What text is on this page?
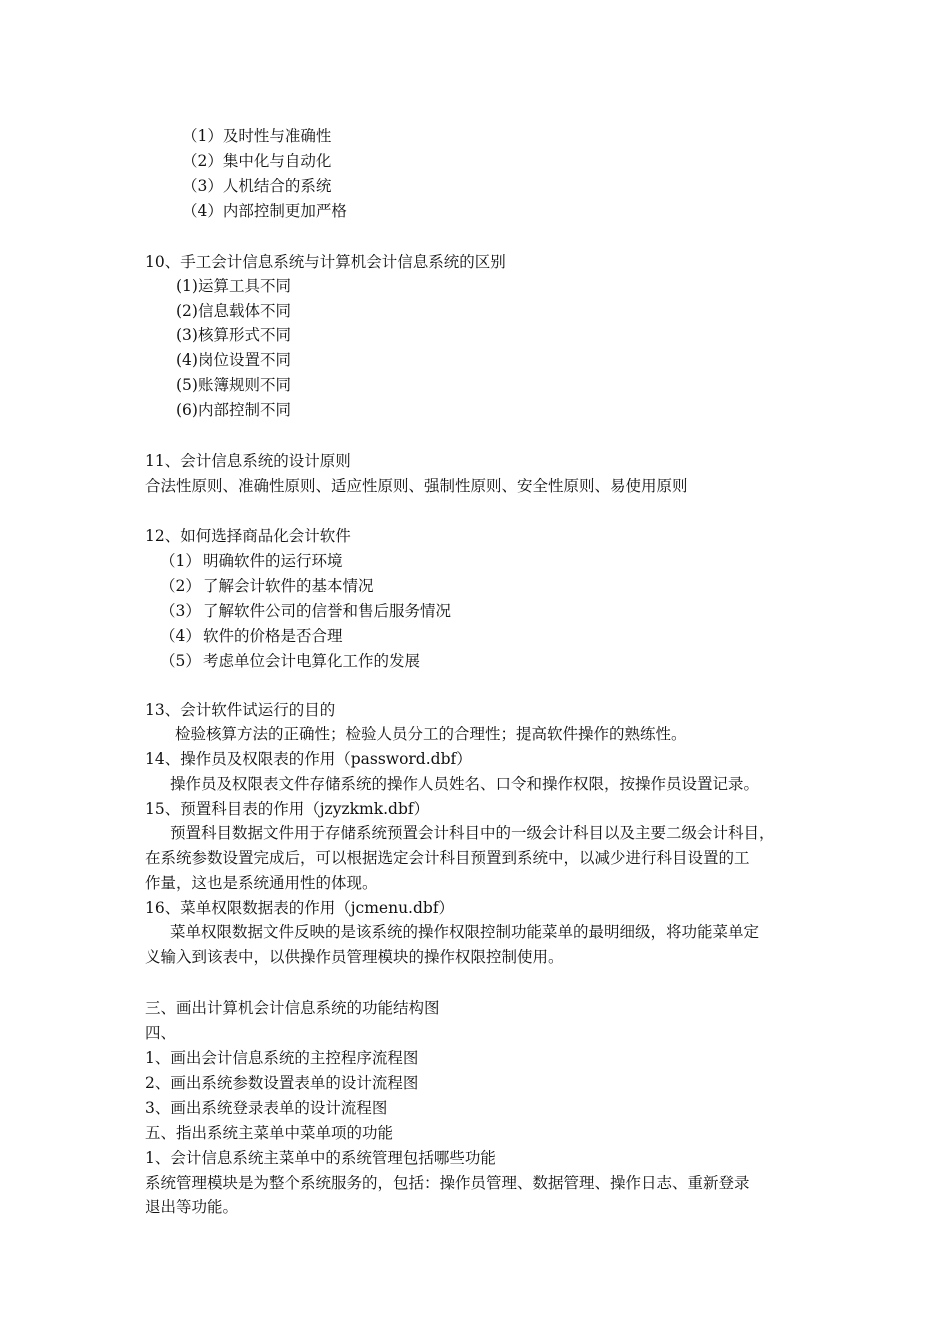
（1）及时性与准确性
（2）集中化与自动化
（3）人机结合的系统
（4）内部控制更加严格
10、手工会计信息系统与计算机会计信息系统的区别
(1)运算工具不同
(2)信息载体不同
(3)核算形式不同
(4)岗位设置不同
(5)账簿规则不同
(6)内部控制不同
11、会计信息系统的设计原则
合法性原则、准确性原则、适应性原则、强制性原则、安全性原则、易使用原则
12、如何选择商品化会计软件
（1） 明确软件的运行环境
（2） 了解会计软件的基本情况
（3） 了解软件公司的信誉和售后服务情况
（4） 软件的价格是否合理
（5） 考虑单位会计电算化工作的发展
13、会计软件试运行的目的
检验核算方法的正确性；检验人员分工的合理性；提高软件操作的熟练性。
14、操作员及权限表的作用（password.dbf）
操作员及权限表文件存储系统的操作人员姓名、口令和操作权限，按操作员设置记录。
15、预置科目表的作用（jzyzkmk.dbf）
预置科目数据文件用于存储系统预置会计科目中的一级会计科目以及主要二级会计科目，
在系统参数设置完成后，可以根据选定会计科目预置到系统中，以减少进行科目设置的工
作量，这也是系统通用性的体现。
16、菜单权限数据表的作用（jcmenu.dbf）
菜单权限数据文件反映的是该系统的操作权限控制功能菜单的最明细级，将功能菜单定
义输入到该表中，以供操作员管理模块的操作权限控制使用。
三、画出计算机会计信息系统的功能结构图
四、
1、画出会计信息系统的主控程序流程图
2、画出系统参数设置表单的设计流程图
3、画出系统登录表单的设计流程图
五、指出系统主菜单中菜单项的功能
1、会计信息系统主菜单中的系统管理包括哪些功能
系统管理模块是为整个系统服务的，包括：操作员管理、数据管理、操作日志、重新登录
退出等功能。
